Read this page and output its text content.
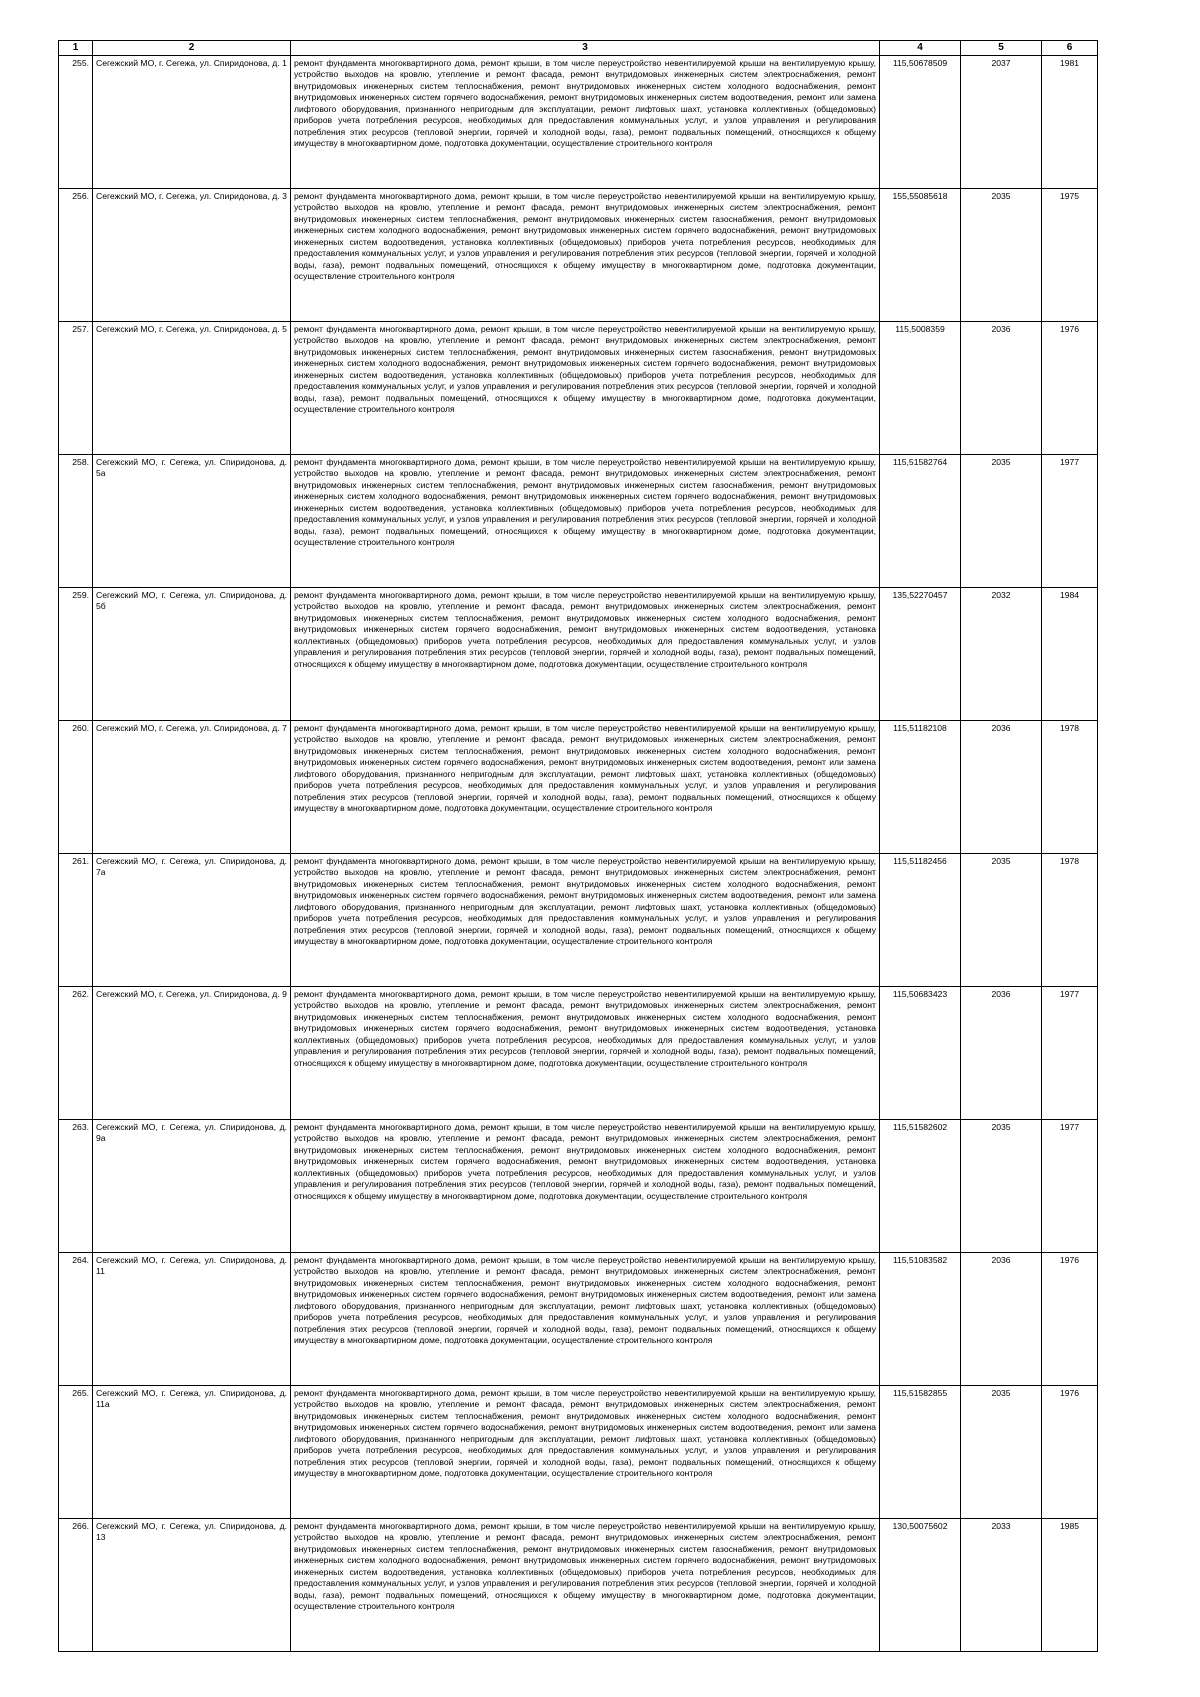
1	2	3	4	5	6
255.	Сегежский МО, г. Сегежа, ул. Спиридонова, д. 1	ремонт фундамента многоквартирного дома, ремонт крыши, в том числе переустройство невентилируемой крыши на вентилируемую крышу, устройство выходов на кровлю, утепление и ремонт фасада, ремонт внутридомовых инженерных систем электроснабжения, ремонт внутридомовых инженерных систем теплоснабжения, ремонт внутридомовых инженерных систем холодного водоснабжения, ремонт внутридомовых инженерных систем горячего водоснабжения, ремонт внутридомовых инженерных систем водоотведения, ремонт или замена лифтового оборудования, признанного непригодным для эксплуатации, ремонт лифтовых шахт, установка коллективных (общедомовых) приборов учета потребления ресурсов, необходимых для предоставления коммунальных услуг, и узлов управления и регулирования потребления этих ресурсов (тепловой энергии, горячей и холодной воды, газа), ремонт подвальных помещений, относящихся к общему имуществу в многоквартирном доме, подготовка документации, осуществление строительного контроля	115,50678509	2037	1981
256.	Сегежский МО, г. Сегежа, ул. Спиридонова, д. 3	ремонт фундамента многоквартирного дома, ремонт крыши, в том числе переустройство невентилируемой крыши на вентилируемую крышу, устройство выходов на кровлю, утепление и ремонт фасада, ремонт внутридомовых инженерных систем электроснабжения, ремонт внутридомовых инженерных систем теплоснабжения, ремонт внутридомовых инженерных систем газоснабжения, ремонт внутридомовых инженерных систем холодного водоснабжения, ремонт внутридомовых инженерных систем горячего водоснабжения, ремонт внутридомовых инженерных систем водоотведения, установка коллективных (общедомовых) приборов учета потребления ресурсов, необходимых для предоставления коммунальных услуг, и узлов управления и регулирования потребления этих ресурсов (тепловой энергии, горячей и холодной воды, газа), ремонт подвальных помещений, относящихся к общему имуществу в многоквартирном доме, подготовка документации, осуществление строительного контроля	155,55085618	2035	1975
257.	Сегежский МО, г. Сегежа, ул. Спиридонова, д. 5	ремонт фундамента многоквартирного дома, ремонт крыши, в том числе переустройство невентилируемой крыши на вентилируемую крышу, устройство выходов на кровлю, утепление и ремонт фасада, ремонт внутридомовых инженерных систем электроснабжения, ремонт внутридомовых инженерных систем теплоснабжения, ремонт внутридомовых инженерных систем газоснабжения, ремонт внутридомовых инженерных систем холодного водоснабжения, ремонт внутридомовых инженерных систем горячего водоснабжения, ремонт внутридомовых инженерных систем водоотведения, установка коллективных (общедомовых) приборов учета потребления ресурсов, необходимых для предоставления коммунальных услуг, и узлов управления и регулирования потребления этих ресурсов (тепловой энергии, горячей и холодной воды, газа), ремонт подвальных помещений, относящихся к общему имуществу в многоквартирном доме, подготовка документации, осуществление строительного контроля	115,5008359	2036	1976
258.	Сегежский МО, г. Сегежа, ул. Спиридонова, д. 5а	ремонт фундамента многоквартирного дома, ремонт крыши, в том числе переустройство невентилируемой крыши на вентилируемую крышу, устройство выходов на кровлю, утепление и ремонт фасада, ремонт внутридомовых инженерных систем электроснабжения, ремонт внутридомовых инженерных систем теплоснабжения, ремонт внутридомовых инженерных систем газоснабжения, ремонт внутридомовых инженерных систем холодного водоснабжения, ремонт внутридомовых инженерных систем горячего водоснабжения, ремонт внутридомовых инженерных систем водоотведения, установка коллективных (общедомовых) приборов учета потребления ресурсов, необходимых для предоставления коммунальных услуг, и узлов управления и регулирования потребления этих ресурсов (тепловой энергии, горячей и холодной воды, газа), ремонт подвальных помещений, относящихся к общему имуществу в многоквартирном доме, подготовка документации, осуществление строительного контроля	115,51582764	2035	1977
259.	Сегежский МО, г. Сегежа, ул. Спиридонова, д. 5б	ремонт фундамента многоквартирного дома, ремонт крыши, в том числе переустройство невентилируемой крыши на вентилируемую крышу, устройство выходов на кровлю, утепление и ремонт фасада, ремонт внутридомовых инженерных систем электроснабжения, ремонт внутридомовых инженерных систем теплоснабжения, ремонт внутридомовых инженерных систем холодного водоснабжения, ремонт внутридомовых инженерных систем горячего водоснабжения, ремонт внутридомовых инженерных систем водоотведения, установка коллективных (общедомовых) приборов учета потребления ресурсов, необходимых для предоставления коммунальных услуг, и узлов управления и регулирования потребления этих ресурсов (тепловой энергии, горячей и холодной воды, газа), ремонт подвальных помещений, относящихся к общему имуществу в многоквартирном доме, подготовка документации, осуществление строительного контроля	135,52270457	2032	1984
260.	Сегежский МО, г. Сегежа, ул. Спиридонова, д. 7	ремонт фундамента многоквартирного дома, ремонт крыши, в том числе переустройство невентилируемой крыши на вентилируемую крышу, устройство выходов на кровлю, утепление и ремонт фасада, ремонт внутридомовых инженерных систем электроснабжения, ремонт внутридомовых инженерных систем теплоснабжения, ремонт внутридомовых инженерных систем холодного водоснабжения, ремонт внутридомовых инженерных систем горячего водоснабжения, ремонт внутридомовых инженерных систем водоотведения, ремонт или замена лифтового оборудования, признанного непригодным для эксплуатации, ремонт лифтовых шахт, установка коллективных (общедомовых) приборов учета потребления ресурсов, необходимых для предоставления коммунальных услуг, и узлов управления и регулирования потребления этих ресурсов (тепловой энергии, горячей и холодной воды, газа), ремонт подвальных помещений, относящихся к общему имуществу в многоквартирном доме, подготовка документации, осуществление строительного контроля	115,51182108	2036	1978
261.	Сегежский МО, г. Сегежа, ул. Спиридонова, д. 7а	ремонт фундамента многоквартирного дома, ремонт крыши, в том числе переустройство невентилируемой крыши на вентилируемую крышу, устройство выходов на кровлю, утепление и ремонт фасада, ремонт внутридомовых инженерных систем электроснабжения, ремонт внутридомовых инженерных систем теплоснабжения, ремонт внутридомовых инженерных систем холодного водоснабжения, ремонт внутридомовых инженерных систем горячего водоснабжения, ремонт внутридомовых инженерных систем водоотведения, ремонт или замена лифтового оборудования, признанного непригодным для эксплуатации, ремонт лифтовых шахт, установка коллективных (общедомовых) приборов учета потребления ресурсов, необходимых для предоставления коммунальных услуг, и узлов управления и регулирования потребления этих ресурсов (тепловой энергии, горячей и холодной воды, газа), ремонт подвальных помещений, относящихся к общему имуществу в многоквартирном доме, подготовка документации, осуществление строительного контроля	115,51182456	2035	1978
262.	Сегежский МО, г. Сегежа, ул. Спиридонова, д. 9	ремонт фундамента многоквартирного дома, ремонт крыши, в том числе переустройство невентилируемой крыши на вентилируемую крышу, устройство выходов на кровлю, утепление и ремонт фасада, ремонт внутридомовых инженерных систем электроснабжения, ремонт внутридомовых инженерных систем теплоснабжения, ремонт внутридомовых инженерных систем холодного водоснабжения, ремонт внутридомовых инженерных систем горячего водоснабжения, ремонт внутридомовых инженерных систем водоотведения, установка коллективных (общедомовых) приборов учета потребления ресурсов, необходимых для предоставления коммунальных услуг, и узлов управления и регулирования потребления этих ресурсов (тепловой энергии, горячей и холодной воды, газа), ремонт подвальных помещений, относящихся к общему имуществу в многоквартирном доме, подготовка документации, осуществление строительного контроля	115,50683423	2036	1977
263.	Сегежский МО, г. Сегежа, ул. Спиридонова, д. 9а	ремонт фундамента многоквартирного дома, ремонт крыши, в том числе переустройство невентилируемой крыши на вентилируемую крышу, устройство выходов на кровлю, утепление и ремонт фасада, ремонт внутридомовых инженерных систем электроснабжения, ремонт внутридомовых инженерных систем теплоснабжения, ремонт внутридомовых инженерных систем холодного водоснабжения, ремонт внутридомовых инженерных систем горячего водоснабжения, ремонт внутридомовых инженерных систем водоотведения, установка коллективных (общедомовых) приборов учета потребления ресурсов, необходимых для предоставления коммунальных услуг, и узлов управления и регулирования потребления этих ресурсов (тепловой энергии, горячей и холодной воды, газа), ремонт подвальных помещений, относящихся к общему имуществу в многоквартирном доме, подготовка документации, осуществление строительного контроля	115,51582602	2035	1977
264.	Сегежский МО, г. Сегежа, ул. Спиридонова, д. 11	ремонт фундамента многоквартирного дома, ремонт крыши, в том числе переустройство невентилируемой крыши на вентилируемую крышу, устройство выходов на кровлю, утепление и ремонт фасада, ремонт внутридомовых инженерных систем электроснабжения, ремонт внутридомовых инженерных систем теплоснабжения, ремонт внутридомовых инженерных систем холодного водоснабжения, ремонт внутридомовых инженерных систем горячего водоснабжения, ремонт внутридомовых инженерных систем водоотведения, ремонт или замена лифтового оборудования, признанного непригодным для эксплуатации, ремонт лифтовых шахт, установка коллективных (общедомовых) приборов учета потребления ресурсов, необходимых для предоставления коммунальных услуг, и узлов управления и регулирования потребления этих ресурсов (тепловой энергии, горячей и холодной воды, газа), ремонт подвальных помещений, относящихся к общему имуществу в многоквартирном доме, подготовка документации, осуществление строительного контроля	115,51083582	2036	1976
265.	Сегежский МО, г. Сегежа, ул. Спиридонова, д. 11а	ремонт фундамента многоквартирного дома, ремонт крыши, в том числе переустройство невентилируемой крыши на вентилируемую крышу, устройство выходов на кровлю, утепление и ремонт фасада, ремонт внутридомовых инженерных систем электроснабжения, ремонт внутридомовых инженерных систем теплоснабжения, ремонт внутридомовых инженерных систем холодного водоснабжения, ремонт внутридомовых инженерных систем горячего водоснабжения, ремонт внутридомовых инженерных систем водоотведения, ремонт или замена лифтового оборудования, признанного непригодным для эксплуатации, ремонт лифтовых шахт, установка коллективных (общедомовых) приборов учета потребления ресурсов, необходимых для предоставления коммунальных услуг, и узлов управления и регулирования потребления этих ресурсов (тепловой энергии, горячей и холодной воды, газа), ремонт подвальных помещений, относящихся к общему имуществу в многоквартирном доме, подготовка документации, осуществление строительного контроля	115,51582855	2035	1976
266.	Сегежский МО, г. Сегежа, ул. Спиридонова, д. 13	ремонт фундамента многоквартирного дома, ремонт крыши, в том числе переустройство невентилируемой крыши на вентилируемую крышу, устройство выходов на кровлю, утепление и ремонт фасада, ремонт внутридомовых инженерных систем электроснабжения, ремонт внутридомовых инженерных систем теплоснабжения, ремонт внутридомовых инженерных систем газоснабжения, ремонт внутридомовых инженерных систем холодного водоснабжения, ремонт внутридомовых инженерных систем горячего водоснабжения, ремонт внутридомовых инженерных систем водоотведения, установка коллективных (общедомовых) приборов учета потребления ресурсов, необходимых для предоставления коммунальных услуг, и узлов управления и регулирования потребления этих ресурсов (тепловой энергии, горячей и холодной воды, газа), ремонт подвальных помещений, относящихся к общему имуществу в многоквартирном доме, подготовка документации, осуществление строительного контроля	130,50075602	2033	1985
